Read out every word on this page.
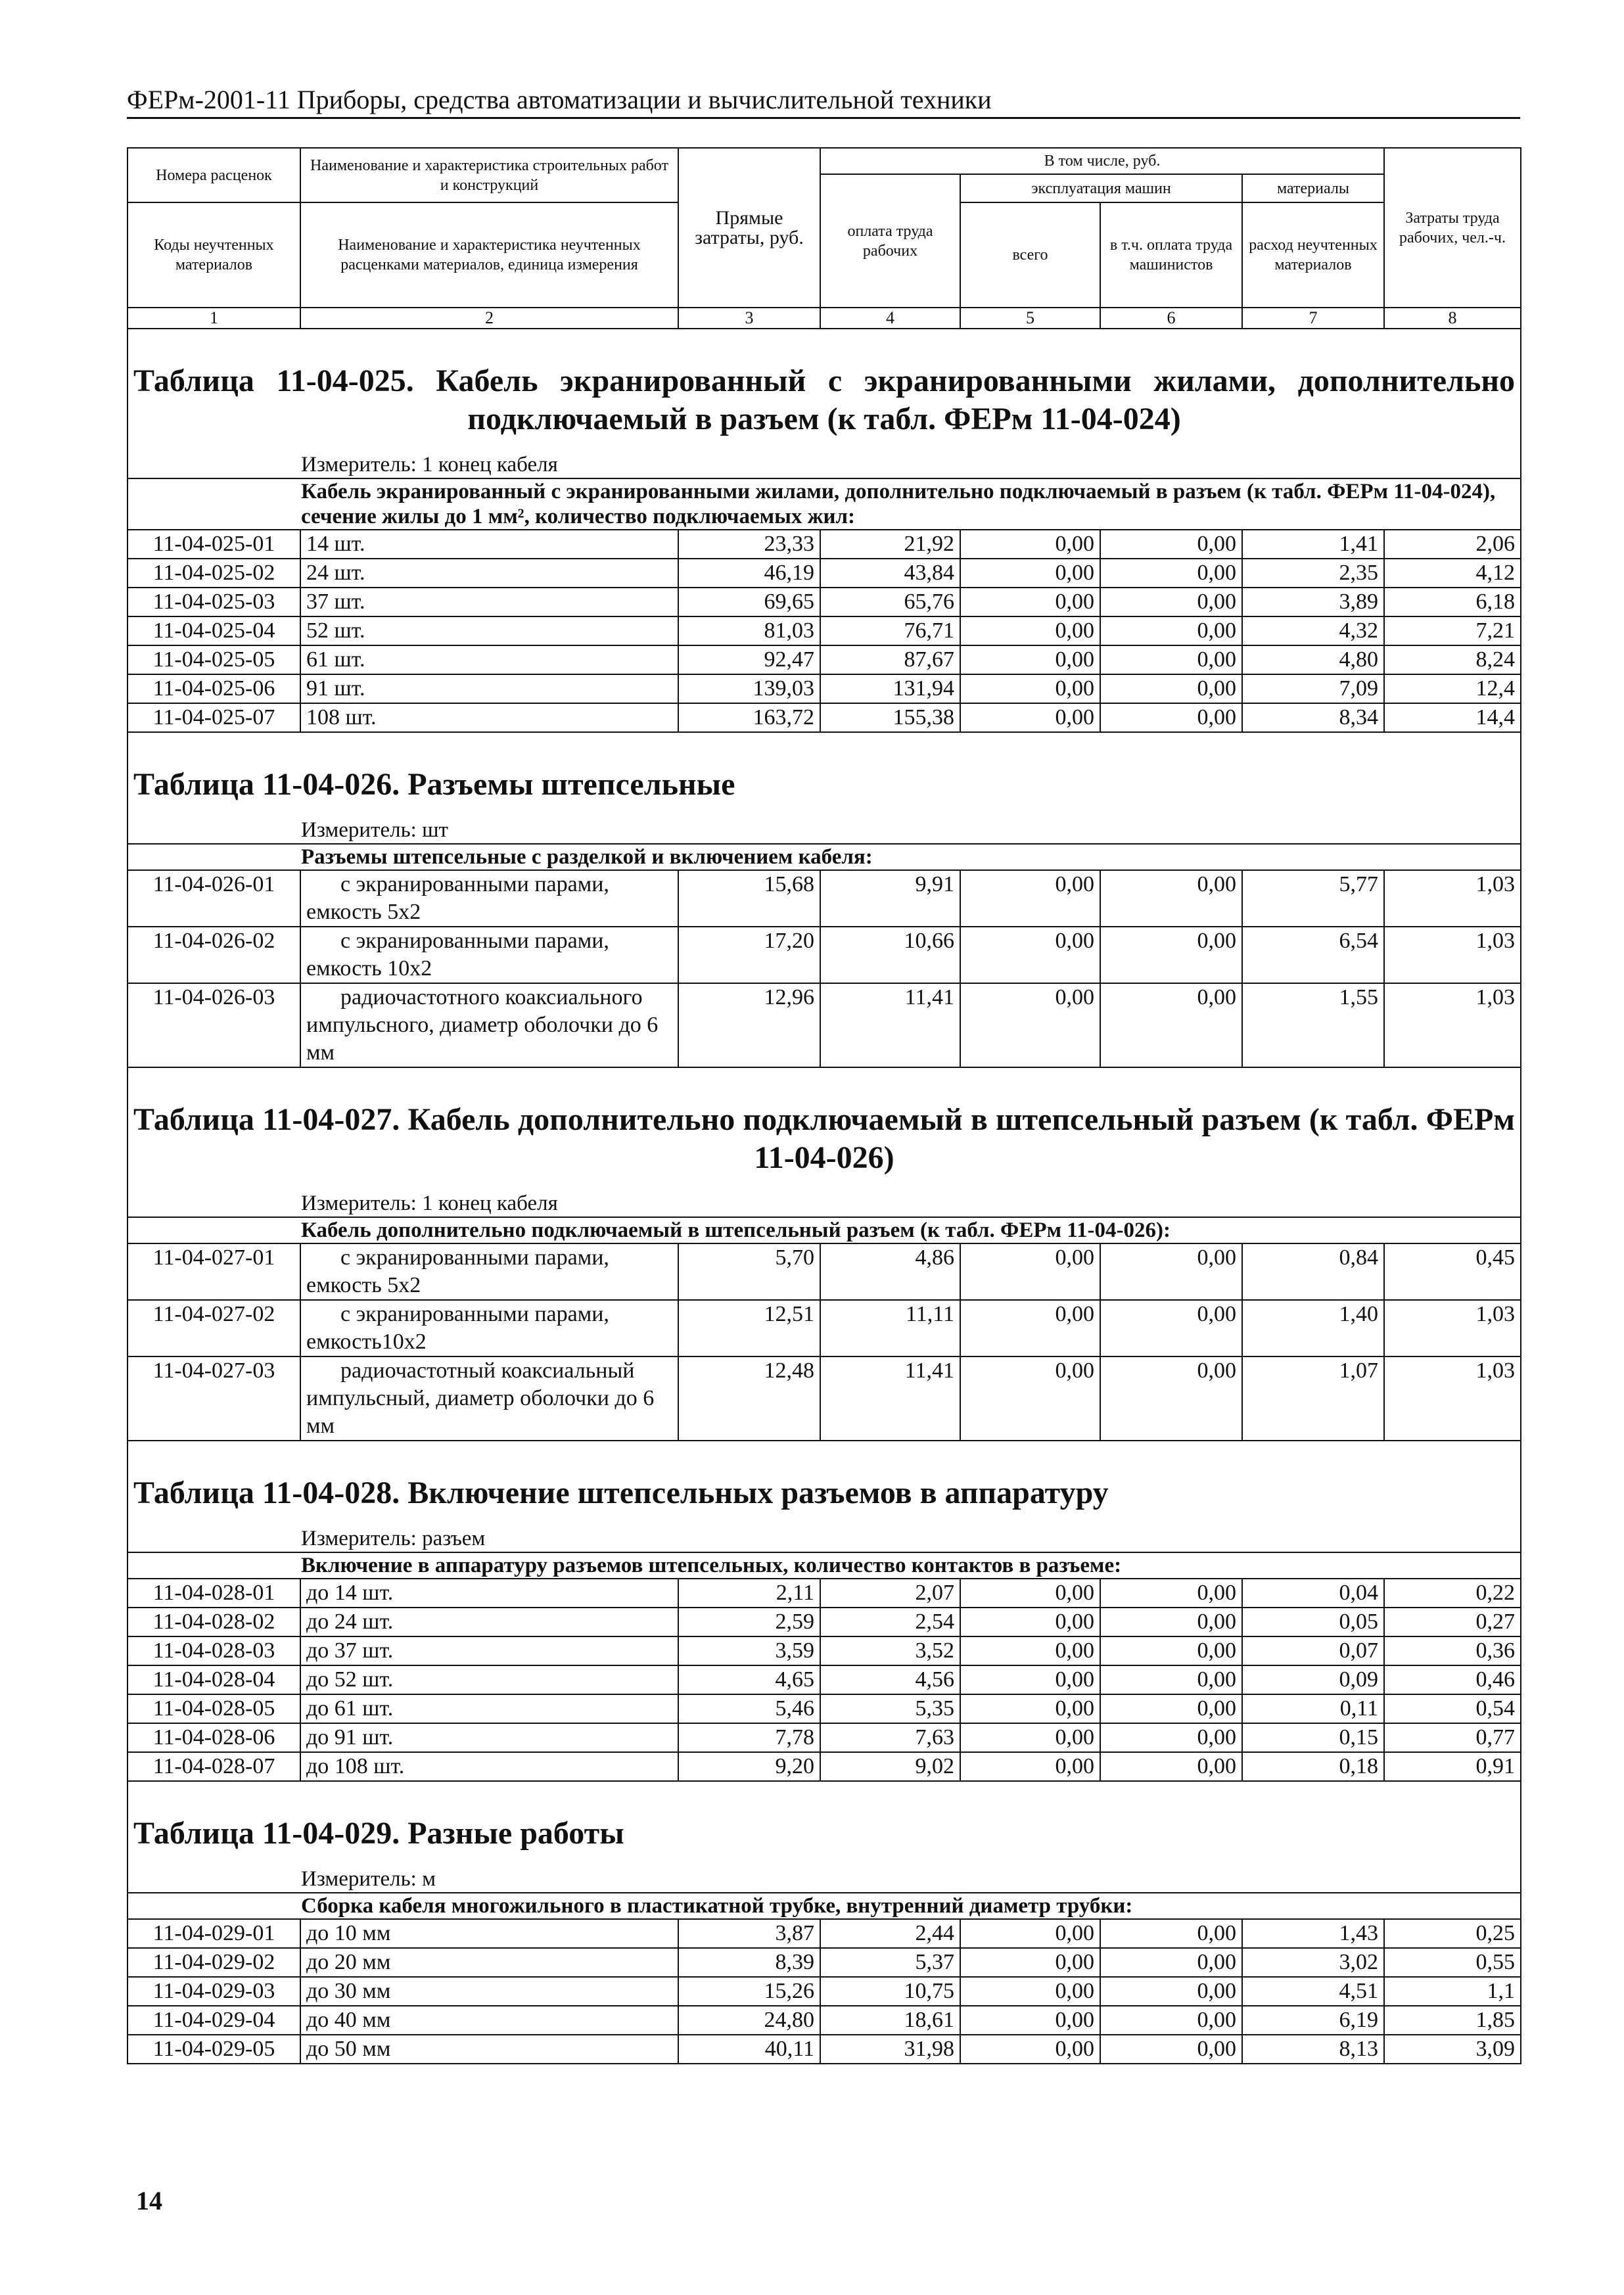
ФЕРм-2001-11 Приборы, средства автоматизации и вычислительной техники
Номера расценок	Наименование и характеристика строительных работ и конструкций	Прямые затраты, руб.	В том числе, руб.				Затраты труда рабочих, чел.-ч.
			оплата труда рабочих	эксплуатация машин		материалы	
Коды неучтенных материалов	Наименование и характеристика неучтенных расценками материалов, единица измерения			всего	в т.ч. оплата труда машинистов	расход неучтенных материалов	
1	2	3	4	5	6	7	8
Таблица 11-04-025. Кабель экранированный с экранированными жилами, дополнительно подключаемый в разъем (к табл. ФЕРм 11-04-024)							
Измеритель: 1 конец кабеля							
Кабель экранированный с экранированными жилами, дополнительно подключаемый в разъем (к табл. ФЕРм 11-04-024), сечение жилы до 1 мм², количество подключаемых жил:							
11-04-025-01	14 шт.	23,33	21,92	0,00	0,00	1,41	2,06
11-04-025-02	24 шт.	46,19	43,84	0,00	0,00	2,35	4,12
11-04-025-03	37 шт.	69,65	65,76	0,00	0,00	3,89	6,18
11-04-025-04	52 шт.	81,03	76,71	0,00	0,00	4,32	7,21
11-04-025-05	61 шт.	92,47	87,67	0,00	0,00	4,80	8,24
11-04-025-06	91 шт.	139,03	131,94	0,00	0,00	7,09	12,4
11-04-025-07	108 шт.	163,72	155,38	0,00	0,00	8,34	14,4
Таблица 11-04-026. Разъемы штепсельные							
Измеритель: шт							
Разъемы штепсельные с разделкой и включением кабеля:							
11-04-026-01	с экранированными парами, емкость 5х2	15,68	9,91	0,00	0,00	5,77	1,03
11-04-026-02	с экранированными парами, емкость 10х2	17,20	10,66	0,00	0,00	6,54	1,03
11-04-026-03	радиочастотного коаксиального импульсного, диаметр оболочки до 6 мм	12,96	11,41	0,00	0,00	1,55	1,03
Таблица 11-04-027. Кабель дополнительно подключаемый в штепсельный разъем (к табл. ФЕРм 11-04-026)							
Измеритель: 1 конец кабеля							
Кабель дополнительно подключаемый в штепсельный разъем (к табл. ФЕРм 11-04-026):							
11-04-027-01	с экранированными парами, емкость 5х2	5,70	4,86	0,00	0,00	0,84	0,45
11-04-027-02	с экранированными парами, емкость10х2	12,51	11,11	0,00	0,00	1,40	1,03
11-04-027-03	радиочастотный коаксиальный импульсный, диаметр оболочки до 6 мм	12,48	11,41	0,00	0,00	1,07	1,03
Таблица 11-04-028. Включение штепсельных разъемов в аппаратуру							
Измеритель: разъем							
Включение в аппаратуру разъемов штепсельных, количество контактов в разъеме:							
11-04-028-01	до 14 шт.	2,11	2,07	0,00	0,00	0,04	0,22
11-04-028-02	до 24 шт.	2,59	2,54	0,00	0,00	0,05	0,27
11-04-028-03	до 37 шт.	3,59	3,52	0,00	0,00	0,07	0,36
11-04-028-04	до 52 шт.	4,65	4,56	0,00	0,00	0,09	0,46
11-04-028-05	до 61 шт.	5,46	5,35	0,00	0,00	0,11	0,54
11-04-028-06	до 91 шт.	7,78	7,63	0,00	0,00	0,15	0,77
11-04-028-07	до 108 шт.	9,20	9,02	0,00	0,00	0,18	0,91
Таблица 11-04-029. Разные работы							
Измеритель: м							
Сборка кабеля многожильного в пластикатной трубке, внутренний диаметр трубки:							
11-04-029-01	до 10 мм	3,87	2,44	0,00	0,00	1,43	0,25
11-04-029-02	до 20 мм	8,39	5,37	0,00	0,00	3,02	0,55
11-04-029-03	до 30 мм	15,26	10,75	0,00	0,00	4,51	1,1
11-04-029-04	до 40 мм	24,80	18,61	0,00	0,00	6,19	1,85
11-04-029-05	до 50 мм	40,11	31,98	0,00	0,00	8,13	3,09
14
